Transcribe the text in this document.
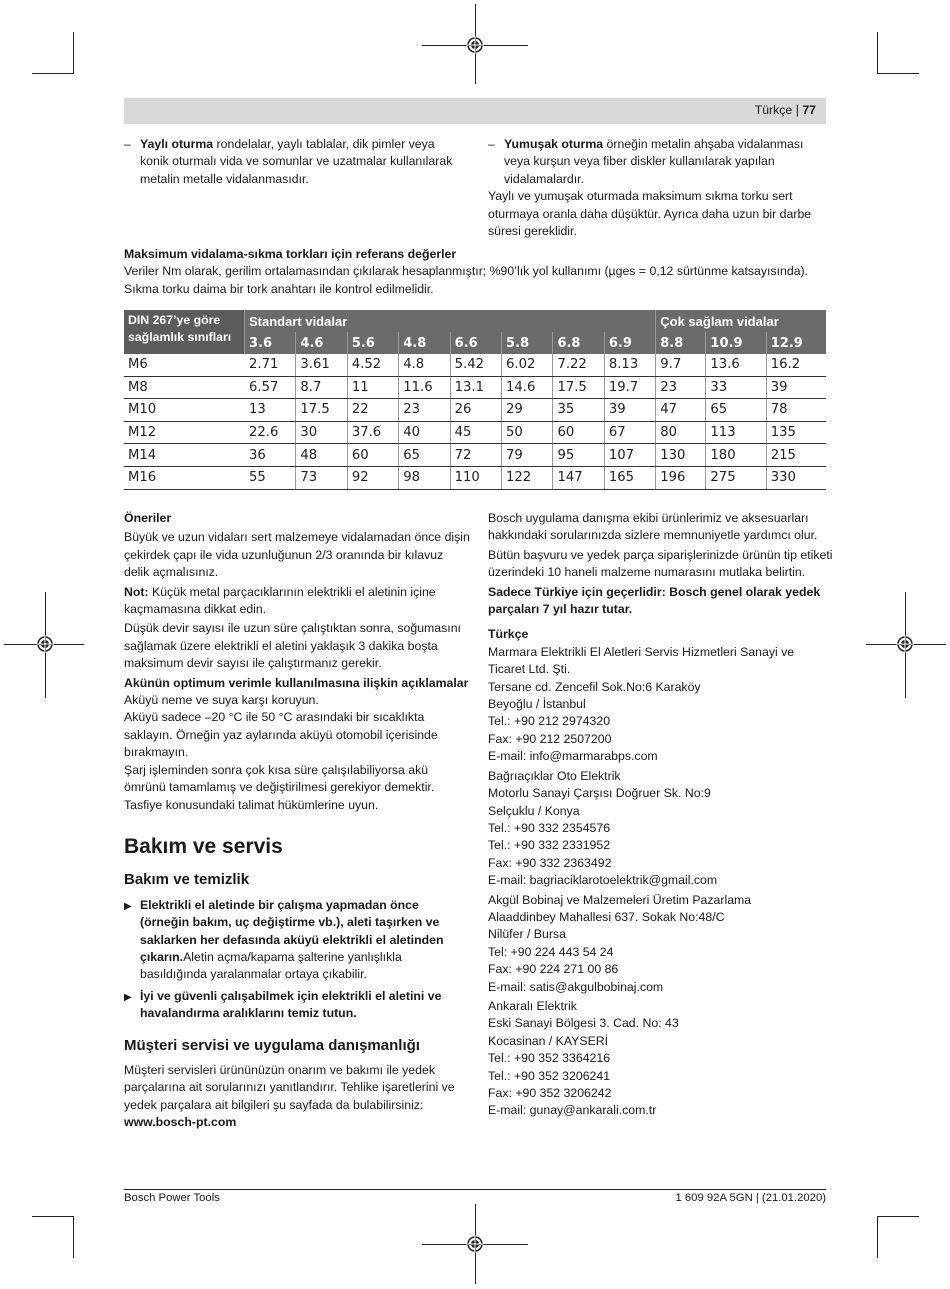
Türkçe | 77

– Yaylı oturma rondelalar, yaylı tablalar, dik pimler veya konik oturmalı vida ve somunlar ve uzatmalar kullanılarak metalin metalle vidalanmasıdır.

– Yumuşak oturma örneğin metalin ahşaba vidalanması veya kurşun veya fiber diskler kullanılarak yapılan vidalamalardır.

Yaylı ve yumuşak oturmada maksimum sıkma torku sert oturmaya oranla daha düşüktür. Ayrıca daha uzun bir darbe süresi gereklidir.

Maksimum vidalama-sıkma torkları için referans değerler
Veriler Nm olarak, gerilim ortalamasından çıkılarak hesaplanmıştır; %90’lık yol kullanımı (µges = 0,12 sürtünme katsayısında).
Sıkma torku daima bir tork anahtarı ile kontrol edilmelidir.
DIN 267’ye göre sağlamlık sınıfları	Standart vidalar								Çok sağlam vidalar		
	3.6	4.6	5.6	4.8	6.6	5.8	6.8	6.9	8.8	10.9	12.9
M6	2.71	3.61	4.52	4.8	5.42	6.02	7.22	8.13	9.7	13.6	16.2
M8	6.57	8.7	11	11.6	13.1	14.6	17.5	19.7	23	33	39
M10	13	17.5	22	23	26	29	35	39	47	65	78
M12	22.6	30	37.6	40	45	50	60	67	80	113	135
M14	36	48	60	65	72	79	95	107	130	180	215
M16	55	73	92	98	110	122	147	165	196	275	330

Öneriler

Büyük ve uzun vidaları sert malzemeye vidalamadan önce dişin çekirdek çapı ile vida uzunluğunun 2/3 oranında bir kılavuz delik açmalısınız.

Not: Küçük metal parçacıklarının elektrikli el aletinin içine kaçmamasına dikkat edin.

Düşük devir sayısı ile uzun süre çalıştıktan sonra, soğumasını sağlamak üzere elektrikli el aletini yaklaşık 3 dakika boşta maksimum devir sayısı ile çalıştırmanız gerekir.

Akünün optimum verimle kullanılmasına ilişkin açıklamalar

Aküyü neme ve suya karşı koruyun.
Aküyü sadece –20 °C ile 50 °C arasındaki bir sıcaklıkta saklayın. Örneğin yaz aylarında aküyü otomobil içerisinde bırakmayın.
Şarj işleminden sonra çok kısa süre çalışılabiliyorsa akü ömrünü tamamlamış ve değiştirilmesi gerekiyor demektir.
Tasfiye konusundaki talimat hükümlerine uyun.
Bakım ve servis
Bakım ve temizlik

▶ Elektrikli el aletinde bir çalışma yapmadan önce (örneğin bakım, uç değiştirme vb.), aleti taşırken ve saklarken her defasında aküyü elektrikli el aletinden çıkarın.Aletin açma/kapama şalterine yanlışlıkla basıldığında yaralanmalar ortaya çıkabilir.

▶ İyi ve güvenli çalışabilmek için elektrikli el aletini ve havalandırma aralıklarını temiz tutun.

Müşteri servisi ve uygulama danışmanlığı

Müşteri servisleri ürününüzün onarım ve bakımı ile yedek parçalarına ait sorularınızı yanıtlandırır. Tehlike işaretlerini ve yedek parçalara ait bilgileri şu sayfada da bulabilirsiniz:
www.bosch-pt.com

Bosch uygulama danışma ekibi ürünlerimiz ve aksesuarları hakkındaki sorularınızda sizlere memnuniyetle yardımcı olur.

Bütün başvuru ve yedek parça siparişlerinizde ürünün tip etiketi üzerindeki 10 haneli malzeme numarasını mutlaka belirtin.

Sadece Türkiye için geçerlidir: Bosch genel olarak yedek parçaları 7 yıl hazır tutar.

Türkçe

Marmara Elektrikli El Aletleri Servis Hizmetleri Sanayi ve Ticaret Ltd. Şti.
Tersane cd. Zencefil Sok.No:6 Karaköy
Beyoğlu / İstanbul
Tel.: +90 212 2974320
Fax: +90 212 2507200
E-mail: info@marmarabps.com
Bağrıaçıklar Oto Elektrik
Motorlu Sanayi Çarşısı Doğruer Sk. No:9
Selçuklu / Konya
Tel.: +90 332 2354576
Tel.: +90 332 2331952
Fax: +90 332 2363492
E-mail: bagriaciklarotoelektrik@gmail.com
Akgül Bobinaj ve Malzemeleri Üretim Pazarlama
Alaaddinbey Mahallesi 637. Sokak No:48/C
Nilüfer / Bursa
Tel: +90 224 443 54 24
Fax: +90 224 271 00 86
E-mail: satis@akgulbobinaj.com
Ankaralı Elektrik
Eski Sanayi Bölgesi 3. Cad. No: 43
Kocasinan / KAYSERİ
Tel.: +90 352 3364216
Tel.: +90 352 3206241
Fax: +90 352 3206242
E-mail: gunay@ankarali.com.tr
Bosch Power Tools	1 609 92A 5GN | (21.01.2020)
